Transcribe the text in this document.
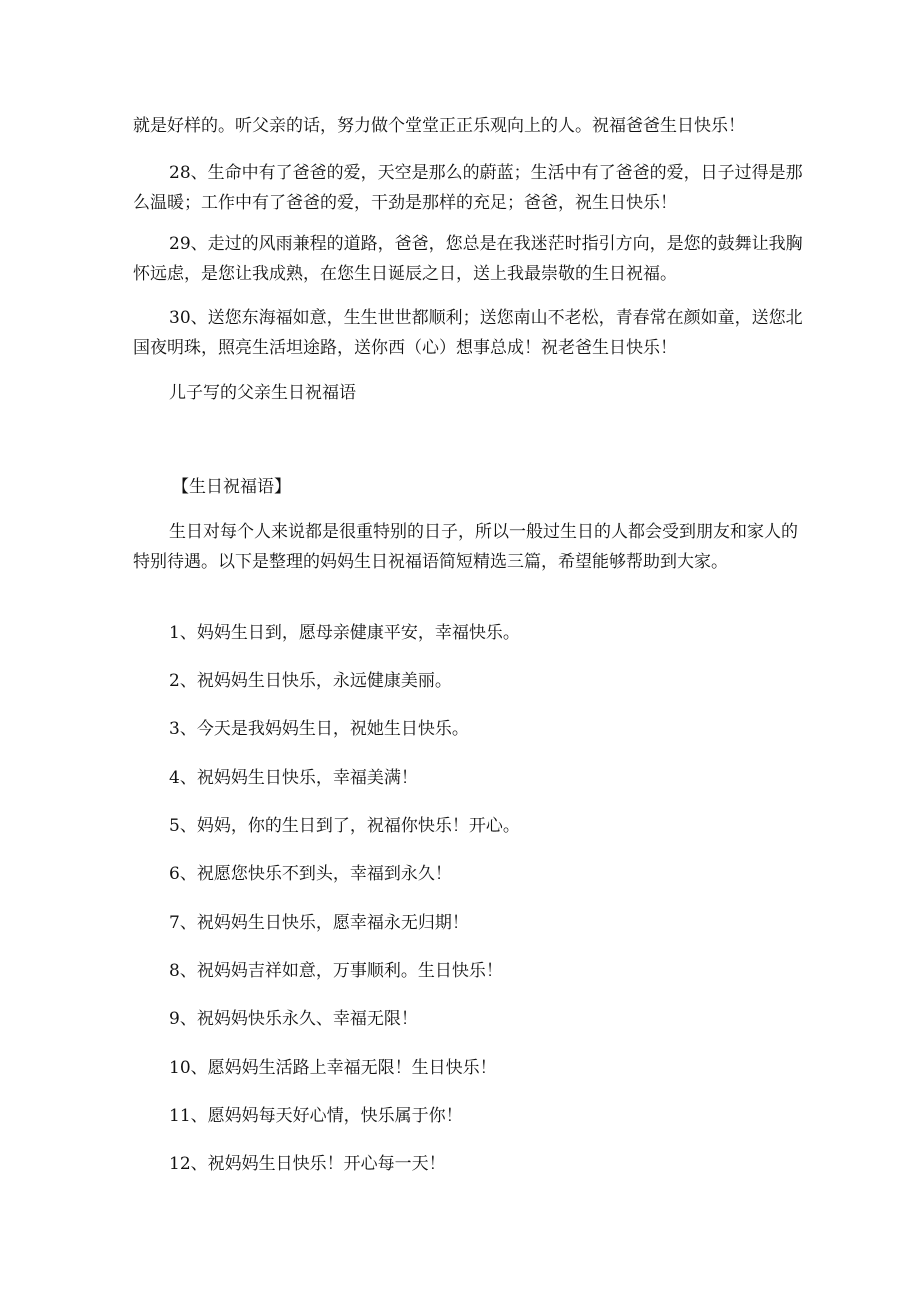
就是好样的。听父亲的话，努力做个堂堂正正乐观向上的人。祝福爸爸生日快乐！

28、生命中有了爸爸的爱，天空是那么的蔚蓝；生活中有了爸爸的爱，日子过得是那么温暖；工作中有了爸爸的爱，干劲是那样的充足；爸爸，祝生日快乐！

29、走过的风雨兼程的道路，爸爸，您总是在我迷茫时指引方向，是您的鼓舞让我胸怀远虑，是您让我成熟，在您生日诞辰之日，送上我最崇敬的生日祝福。

30、送您东海福如意，生生世世都顺利；送您南山不老松，青春常在颜如童，送您北国夜明珠，照亮生活坦途路，送你西（心）想事总成！祝老爸生日快乐！

儿子写的父亲生日祝福语

【生日祝福语】

生日对每个人来说都是很重特别的日子，所以一般过生日的人都会受到朋友和家人的特别待遇。以下是整理的妈妈生日祝福语简短精选三篇，希望能够帮助到大家。

1、妈妈生日到，愿母亲健康平安，幸福快乐。

2、祝妈妈生日快乐，永远健康美丽。

3、今天是我妈妈生日，祝她生日快乐。

4、祝妈妈生日快乐，幸福美满！

5、妈妈，你的生日到了，祝福你快乐！开心。

6、祝愿您快乐不到头，幸福到永久！

7、祝妈妈生日快乐，愿幸福永无归期！

8、祝妈妈吉祥如意，万事顺利。生日快乐！

9、祝妈妈快乐永久、幸福无限！

10、愿妈妈生活路上幸福无限！生日快乐！

11、愿妈妈每天好心情，快乐属于你！

12、祝妈妈生日快乐！开心每一天！
